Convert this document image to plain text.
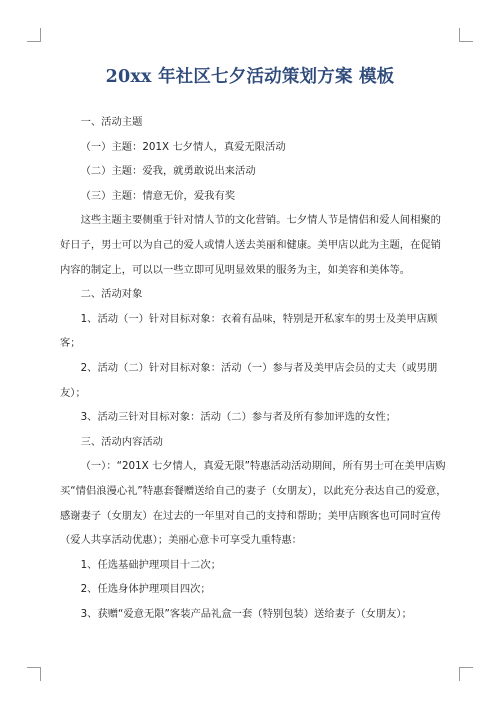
20xx 年社区七夕活动策划方案 模板

一、活动主题

（一）主题：201X 七夕情人，真爱无限活动

（二）主题：爱我，就勇敢说出来活动

（三）主题：情意无价，爱我有奖

这些主题主要侧重于针对情人节的文化营销。七夕情人节是情侣和爱人间相聚的好日子，男士可以为自己的爱人或情人送去美丽和健康。美甲店以此为主题，在促销内容的制定上，可以以一些立即可见明显效果的服务为主，如美容和美体等。

二、活动对象

1、活动（一）针对目标对象：衣着有品味，特别是开私家车的男士及美甲店顾客；

2、活动（二）针对目标对象：活动（一）参与者及美甲店会员的丈夫（或男朋友）；

3、活动三针对目标对象：活动（二）参与者及所有参加评选的女性；

三、活动内容活动

（一）：“201X 七夕情人，真爱无限”特惠活动活动期间，所有男士可在美甲店购买“情侣浪漫心礼”特惠套餐赠送给自己的妻子（女朋友），以此充分表达自己的爱意，感谢妻子（女朋友）在过去的一年里对自己的支持和帮助；美甲店顾客也可同时宣传（爱人共享活动优惠）；美丽心意卡可享受九重特惠：

1、任选基础护理项目十二次；

2、任选身体护理项目四次；

3、获赠“爱意无限”客装产品礼盒一套（特别包装）送给妻子（女朋友）；
